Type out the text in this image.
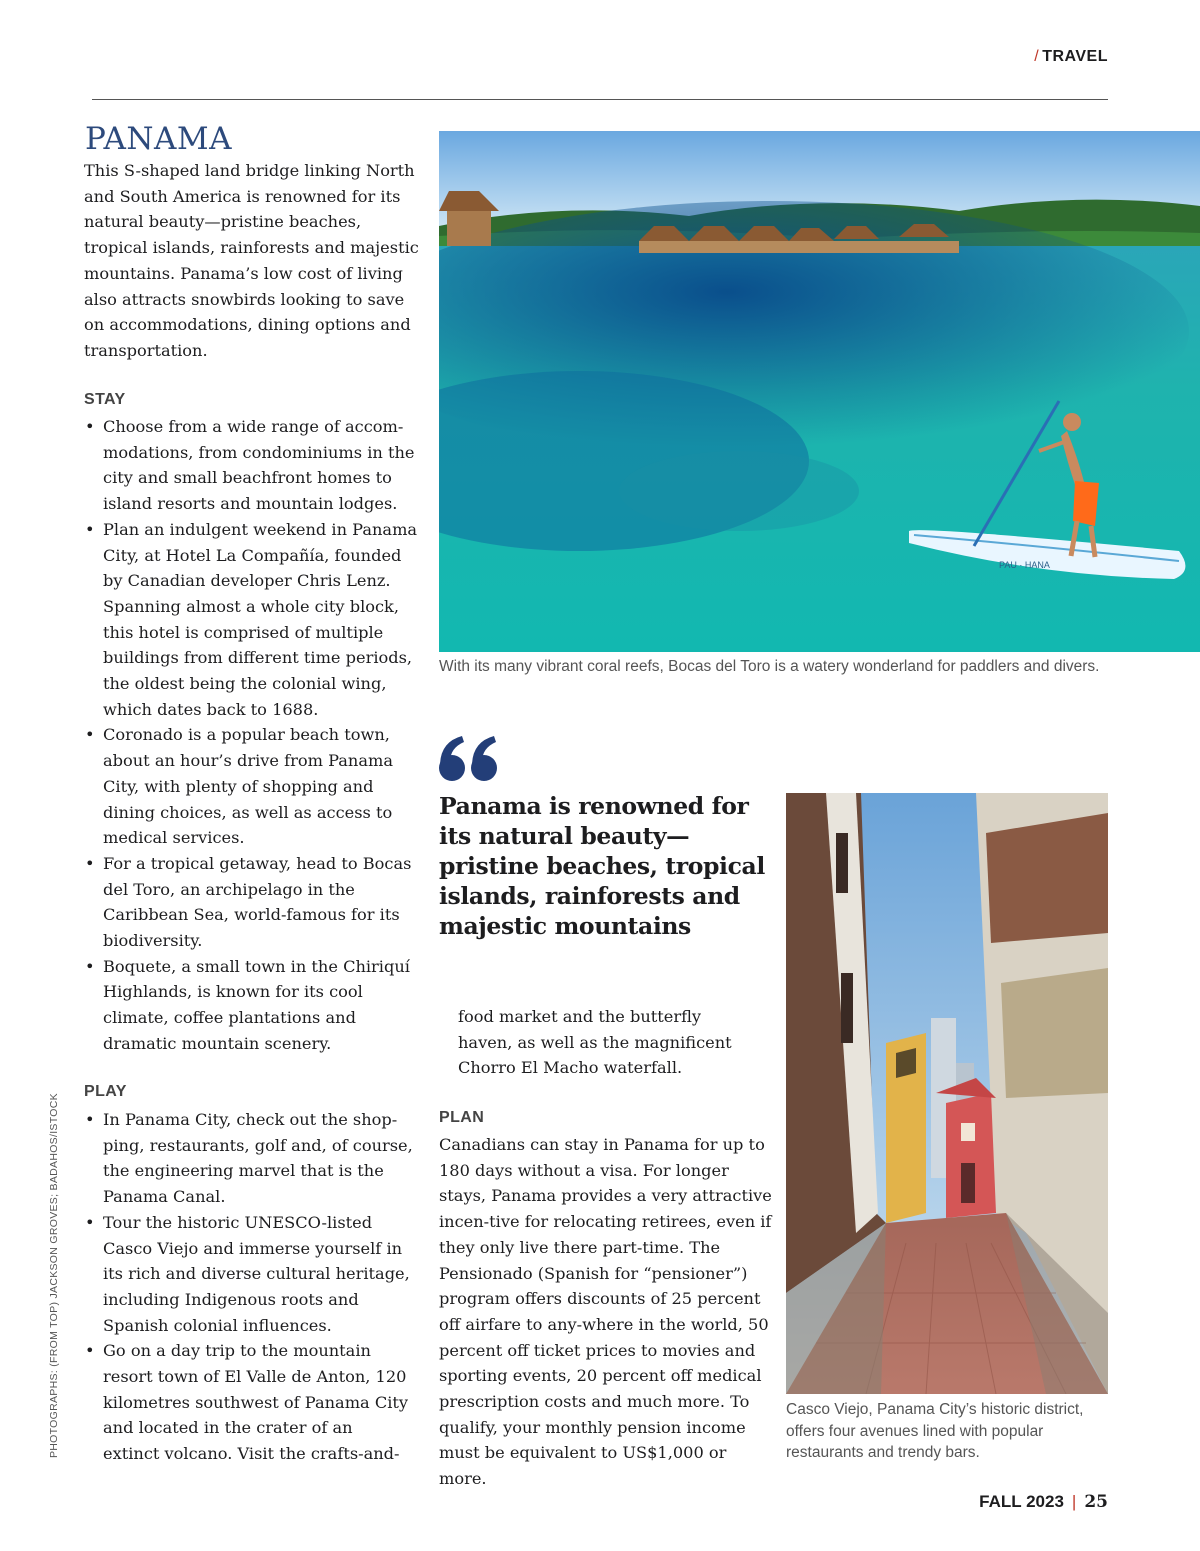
/ TRAVEL
PANAMA

This S-shaped land bridge linking North and South America is renowned for its natural beauty—pristine beaches, tropical islands, rainforests and majestic mountains. Panama’s low cost of living also attracts snowbirds looking to save on accommodations, dining options and transportation.

STAY
• Choose from a wide range of accom-modations, from condominiums in the city and small beachfront homes to island resorts and mountain lodges.
• Plan an indulgent weekend in Panama City, at Hotel La Compañía, founded by Canadian developer Chris Lenz. Spanning almost a whole city block, this hotel is comprised of multiple buildings from different time periods, the oldest being the colonial wing, which dates back to 1688.
• Coronado is a popular beach town, about an hour’s drive from Panama City, with plenty of shopping and dining choices, as well as access to medical services.
• For a tropical getaway, head to Bocas del Toro, an archipelago in the Caribbean Sea, world-famous for its biodiversity.
• Boquete, a small town in the Chiriquí Highlands, is known for its cool climate, coffee plantations and dramatic mountain scenery.
PLAY
• In Panama City, check out the shop-ping, restaurants, golf and, of course, the engineering marvel that is the Panama Canal.
• Tour the historic UNESCO-listed Casco Viejo and immerse yourself in its rich and diverse cultural heritage, including Indigenous roots and Spanish colonial influences.
• Go on a day trip to the mountain resort town of El Valle de Anton, 120 kilometres southwest of Panama City and located in the crater of an extinct volcano. Visit the crafts-and-
PAU · HANA
With its many vibrant coral reefs, Bocas del Toro is a watery wonderland for paddlers and divers.
Panama is renowned for its natural beauty—pristine beaches, tropical islands, rainforests and majestic mountains

food market and the butterfly haven, as well as the magnificent Chorro El Macho waterfall.

PLAN

Canadians can stay in Panama for up to 180 days without a visa. For longer stays, Panama provides a very attractive incen-tive for relocating retirees, even if they only live there part-time. The Pensionado (Spanish for “pensioner”) program offers discounts of 25 percent off airfare to any-where in the world, 50 percent off ticket prices to movies and sporting events, 20 percent off medical prescription costs and much more. To qualify, your monthly pension income must be equivalent to US$1,000 or more.

Casco Viejo, Panama City’s historic district, offers four avenues lined with popular restaurants and trendy bars.
PHOTOGRAPHS: (FROM TOP) JACKSON GROVES; BADAHOS/ISTOCK
FALL 2023 | 25
